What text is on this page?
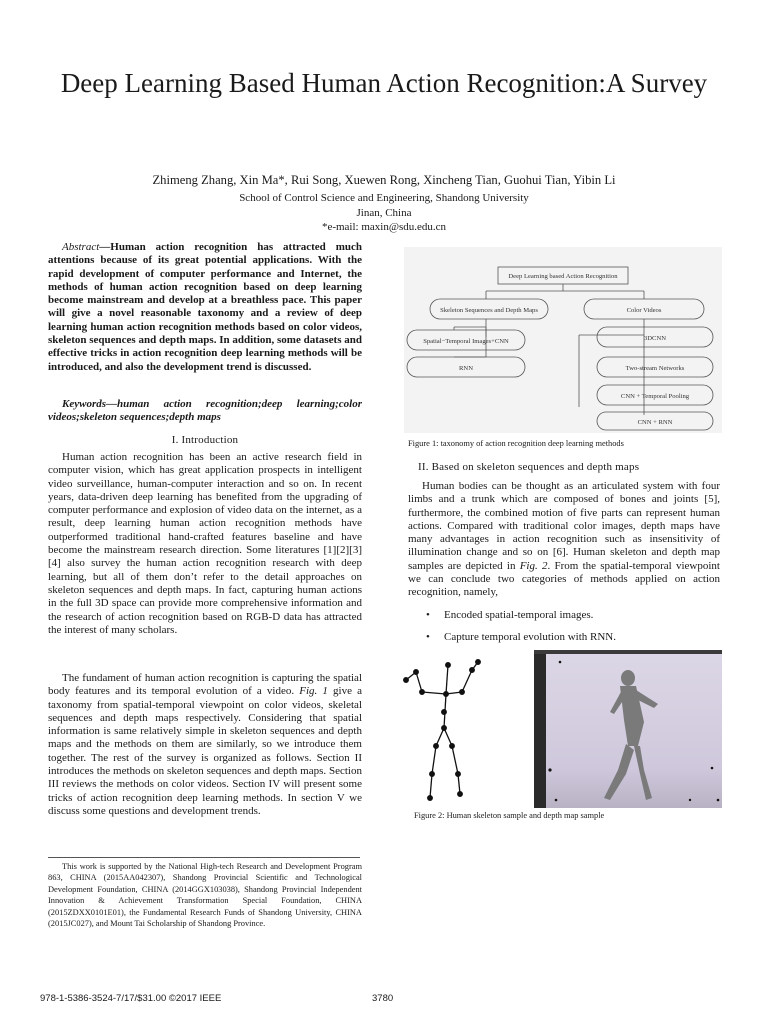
Deep Learning Based Human Action Recognition:A Survey
Zhimeng Zhang, Xin Ma*, Rui Song, Xuewen Rong, Xincheng Tian, Guohui Tian, Yibin Li
School of Control Science and Engineering, Shandong University
Jinan, China
*e-mail: maxin@sdu.edu.cn

Abstract—Human action recognition has attracted much attentions because of its great potential applications. With the rapid development of computer performance and Internet, the methods of human action recognition based on deep learning become mainstream and develop at a breathless pace. This paper will give a novel reasonable taxonomy and a review of deep learning human action recognition methods based on color videos, skeleton sequences and depth maps. In addition, some datasets and effective tricks in action recognition deep learning methods will be introduced, and also the development trend is discussed.

Keywords—human action recognition;deep learning;color videos;skeleton sequences;depth maps

I. Introduction

Human action recognition has been an active research field in computer vision, which has great application prospects in intelligent video surveillance, human-computer interaction and so on. In recent years, data-driven deep learning has benefited from the upgrading of computer performance and explosion of video data on the internet, as a result, deep learning human action recognition methods have outperformed traditional hand-crafted features baseline and have become the mainstream research direction. Some literatures [1][2][3][4] also survey the human action recognition research with deep learning, but all of them don’t refer to the detail approaches on skeleton sequences and depth maps. In fact, capturing human actions in the full 3D space can provide more comprehensive information and the research of action recognition based on RGB-D data has attracted the interest of many scholars.

The fundament of human action recognition is capturing the spatial body features and its temporal evolution of a video. Fig. 1 give a taxonomy from spatial-temporal viewpoint on color videos, skeletal sequences and depth maps respectively. Considering that spatial information is same relatively simple in skeleton sequences and depth maps and the methods on them are similarly, so we introduce them together. The rest of the survey is organized as follows. Section II introduces the methods on skeleton sequences and depth maps. Section III reviews the methods on color videos. Section IV will present some tricks of action recognition deep learning methods. In section V we discuss some questions and development trends.

This work is supported by the National High-tech Research and Development Program 863, CHINA (2015AA042307), Shandong Provincial Scientific and Technological Development Foundation, CHINA (2014GGX103038), Shandong Provincial Independent Innovation & Achievement Transformation Special Foundation, CHINA (2015ZDXX0101E01), the Fundamental Research Funds of Shandong University, CHINA (2015JC027), and Mount Tai Scholarship of Shandong Province.

Deep Learning based Action Recognition
Skeleton Sequences and Depth Maps	Color Videos
Spatial−Temporal Images+CNN
RNN
3DCNN
Two-stream Networks
CNN + Temporal Pooling
CNN + RNN
Figure 1: taxonomy of action recognition deep learning methods
II. Based on skeleton sequences and depth maps

Human bodies can be thought as an articulated system with four limbs and a trunk which are composed of bones and joints [5], furthermore, the combined motion of five parts can represent human actions. Compared with traditional color images, depth maps have many advantages in action recognition such as insensitivity of illumination change and so on [6]. Human skeleton and depth map samples are depicted in Fig. 2. From the spatial-temporal viewpoint we can conclude two categories of methods applied on action recognition, namely,

•	Encoded spatial-temporal images.
•	Capture temporal evolution with RNN.
Figure 2: Human skeleton sample and depth map sample
978-1-5386-3524-7/17/$31.00 ©2017 IEEE	3780
